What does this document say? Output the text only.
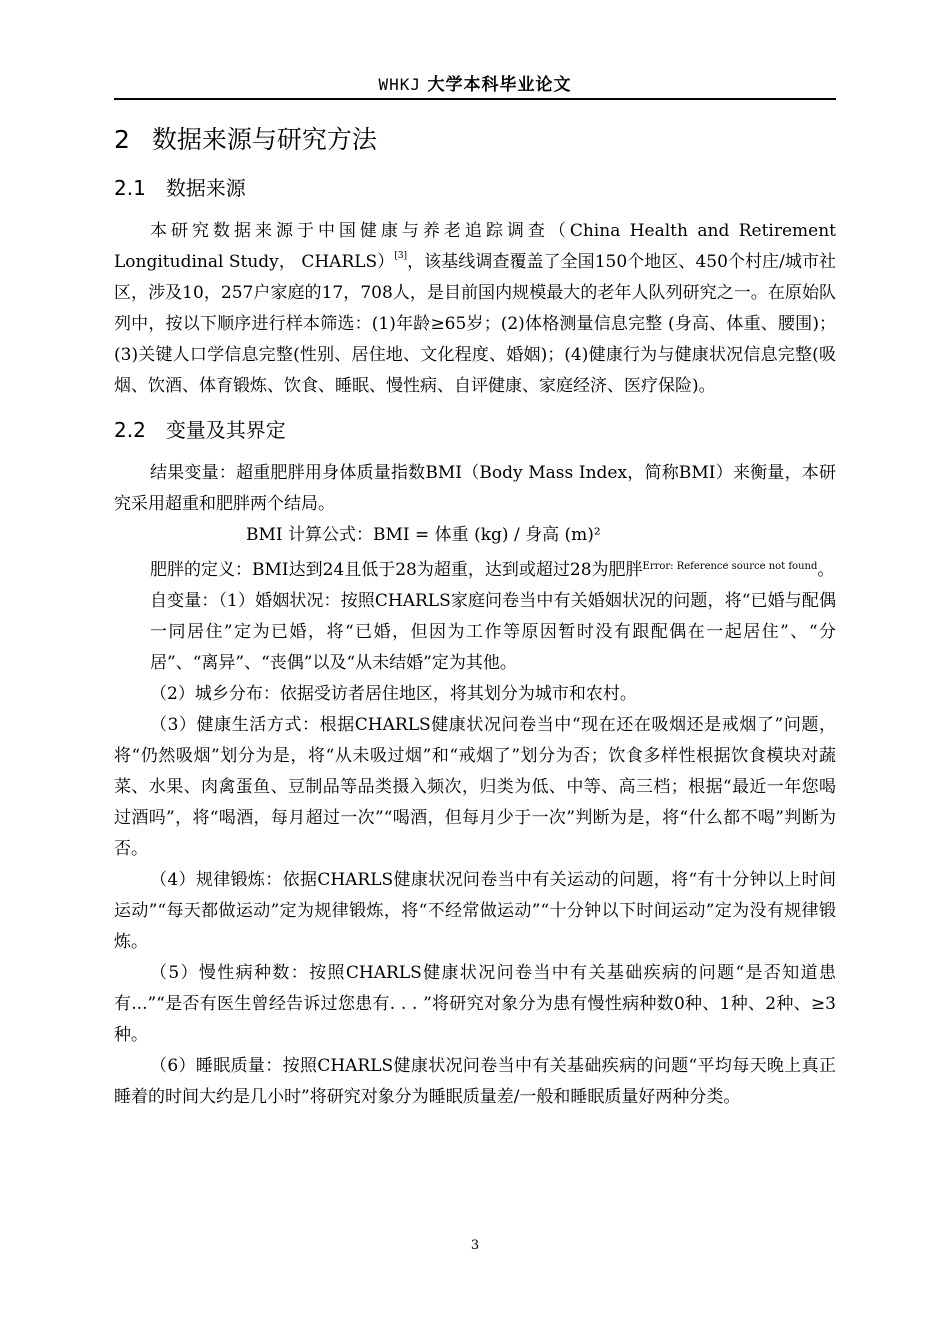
WHKJ 大学本科毕业论文
2 数据来源与研究方法
2.1 数据来源

本研究数据来源于中国健康与养老追踪调查（China Health and Retirement Longitudinal Study， CHARLS）[3]，该基线调查覆盖了全国150个地区、450个村庄/城市社区，涉及10，257户家庭的17，708人，是目前国内规模最大的老年人队列研究之一。在原始队列中，按以下顺序进行样本筛选：(1)年龄≥65岁；(2)体格测量信息完整 (身高、体重、腰围)；(3)关键人口学信息完整(性别、居住地、文化程度、婚姻)；(4)健康行为与健康状况信息完整(吸烟、饮酒、体育锻炼、饮食、睡眠、慢性病、自评健康、家庭经济、医疗保险)。

2.2 变量及其界定

结果变量：超重肥胖用身体质量指数BMI（Body Mass Index，简称BMI）来衡量，本研究采用超重和肥胖两个结局。

BMI 计算公式：BMI = 体重 (kg) / 身高 (m)²

肥胖的定义：BMI达到24且低于28为超重，达到或超过28为肥胖$^{Error: Reference source not found}$。

自变量：（1）婚姻状况：按照CHARLS家庭问卷当中有关婚姻状况的问题，将“已婚与配偶一同居住”定为已婚，将“已婚，但因为工作等原因暂时没有跟配偶在一起居住”、“分居”、“离异”、“丧偶”以及“从未结婚”定为其他。

（2）城乡分布：依据受访者居住地区，将其划分为城市和农村。

（3）健康生活方式：根据CHARLS健康状况问卷当中“现在还在吸烟还是戒烟了”问题，将“仍然吸烟”划分为是，将“从未吸过烟”和“戒烟了”划分为否；饮食多样性根据饮食模块对蔬菜、水果、肉禽蛋鱼、豆制品等品类摄入频次，归类为低、中等、高三档；根据“最近一年您喝过酒吗”，将“喝酒，每月超过一次”“喝酒，但每月少于一次”判断为是，将“什么都不喝”判断为否。

（4）规律锻炼：依据CHARLS健康状况问卷当中有关运动的问题，将“有十分钟以上时间运动”“每天都做运动”定为规律锻炼，将“不经常做运动”“十分钟以下时间运动”定为没有规律锻炼。

（5）慢性病种数：按照CHARLS健康状况问卷当中有关基础疾病的问题“是否知道患有...”“是否有医生曾经告诉过您患有. . . ”将研究对象分为患有慢性病种数0种、1种、2种、≥3种。

（6）睡眠质量：按照CHARLS健康状况问卷当中有关基础疾病的问题“平均每天晚上真正睡着的时间大约是几小时”将研究对象分为睡眠质量差/一般和睡眠质量好两种分类。

3
